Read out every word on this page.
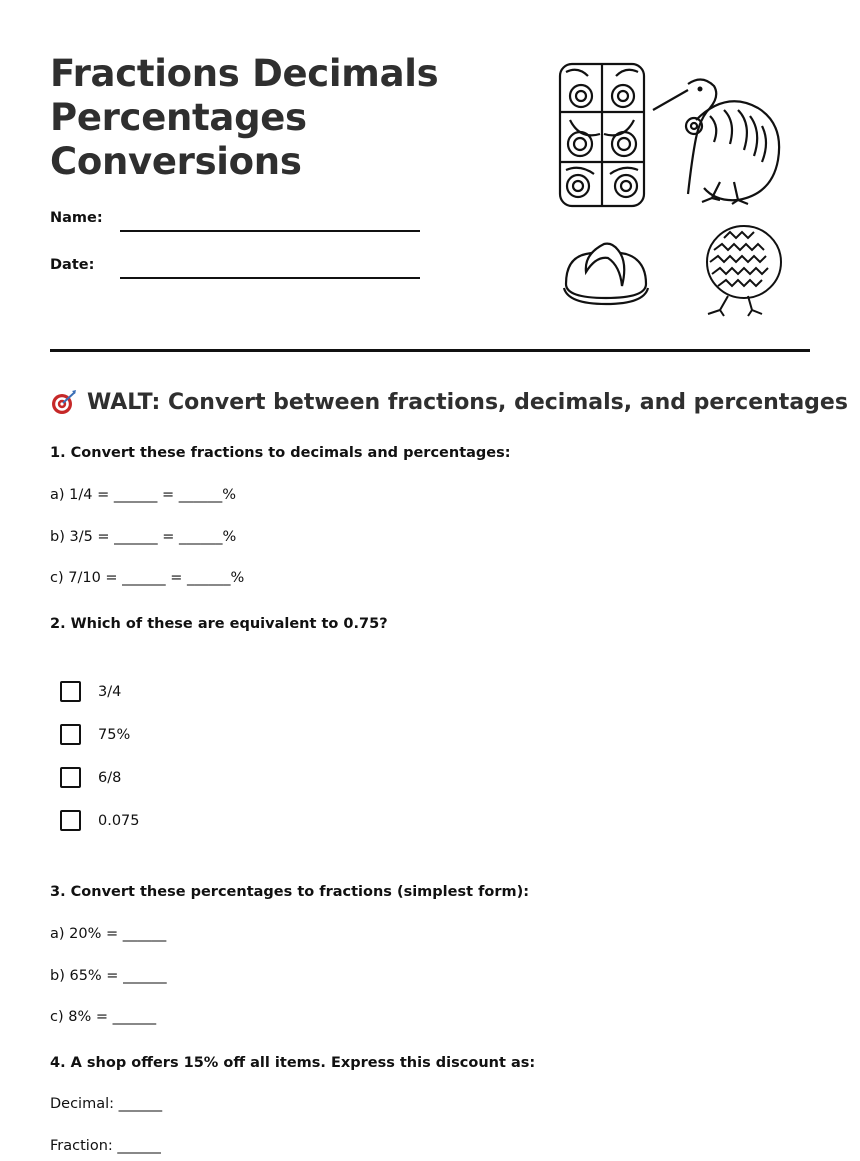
Fractions Decimals
Percentages
Conversions
Name:
Date:
WALT: Convert between fractions, decimals, and percentages
1. Convert these fractions to decimals and percentages:
a) 1/4 = ______ = ______%
b) 3/5 = ______ = ______%
c) 7/10 = ______ = ______%
2. Which of these are equivalent to 0.75?
3/4
75%
6/8
0.075
3. Convert these percentages to fractions (simplest form):
a) 20% = ______
b) 65% = ______
c) 8% = ______
4. A shop offers 15% off all items. Express this discount as:
Decimal: ______
Fraction: ______
